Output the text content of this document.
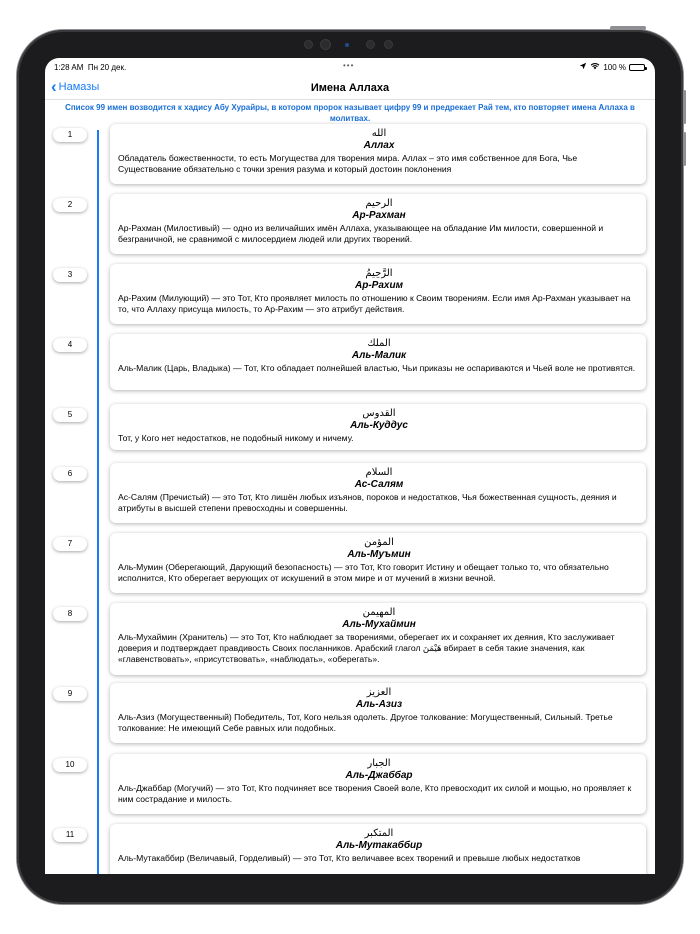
1:28 AM Пн 20 дек.	•••	100 %
‹ Намазы	Имена Аллаха
Список 99 имен возводится к хадису Абу Хурайры, в котором пророк называет цифру 99 и предрекает Рай тем, кто повторяет имена Аллаха в молитвах.
1	الله
Аллах
Обладатель божественности, то есть Могущества для творения мира. Аллах – это имя собственное для Бога, Чье Существование обязательно с точки зрения разума и который достоин поклонения
2	الرحيم
Ар-Рахман
Ар-Рахман (Милостивый) — одно из величайших имён Аллаха, указывающее на обладание Им милости, совершенной и безграничной, не сравнимой с милосердием людей или других творений.
3	الرَّحِيمُ
Ар-Рахим
Ар-Рахим (Милующий) — это Тот, Кто проявляет милость по отношению к Своим творениям. Если имя Ар-Рахман указывает на то, что Аллаху присуща милость, то Ар-Рахим — это атрибут действия.
4	الملك
Аль-Малик
Аль-Малик (Царь, Владыка) — Тот, Кто обладает полнейшей властью, Чьи приказы не оспариваются и Чьей воле не противятся.
5	القدوس
Аль-Куддус
Тот, у Кого нет недостатков, не подобный никому и ничему.
6	السلام
Ас-Салям
Ас-Салям (Пречистый) — это Тот, Кто лишён любых изъянов, пороков и недостатков, Чья божественная сущность, деяния и атрибуты в высшей степени превосходны и совершенны.
7	المؤمن
Аль-Муъмин
Аль-Мумин (Оберегающий, Дарующий безопасность) — это Тот, Кто говорит Истину и обещает только то, что обязательно исполнится, Кто оберегает верующих от искушений в этом мире и от мучений в жизни вечной.
8	المهيمن
Аль-Мухаймин
Аль-Мухаймин (Хранитель) — это Тот, Кто наблюдает за творениями, оберегает их и сохраняет их деяния, Кто заслуживает доверия и подтверждает правдивость Своих посланников. Арабский глагол هَيْمَنَ вбирает в себя такие значения, как «главенствовать», «присутствовать», «наблюдать», «оберегать».
9	العزيز
Аль-Азиз
Аль-Азиз (Могущественный) Победитель, Тот, Кого нельзя одолеть. Другое толкование: Могущественный, Сильный. Третье толкование: Не имеющий Себе равных или подобных.
10	الجبار
Аль-Джаббар
Аль-Джаббар (Могучий) — это Тот, Кто подчиняет все творения Своей воле, Кто превосходит их силой и мощью, но проявляет к ним сострадание и милость.
11	المتكبر
Аль-Мутакаббир
Аль-Мутакаббир (Величавый, Горделивый) — это Тот, Кто величавее всех творений и превыше любых недостатков
